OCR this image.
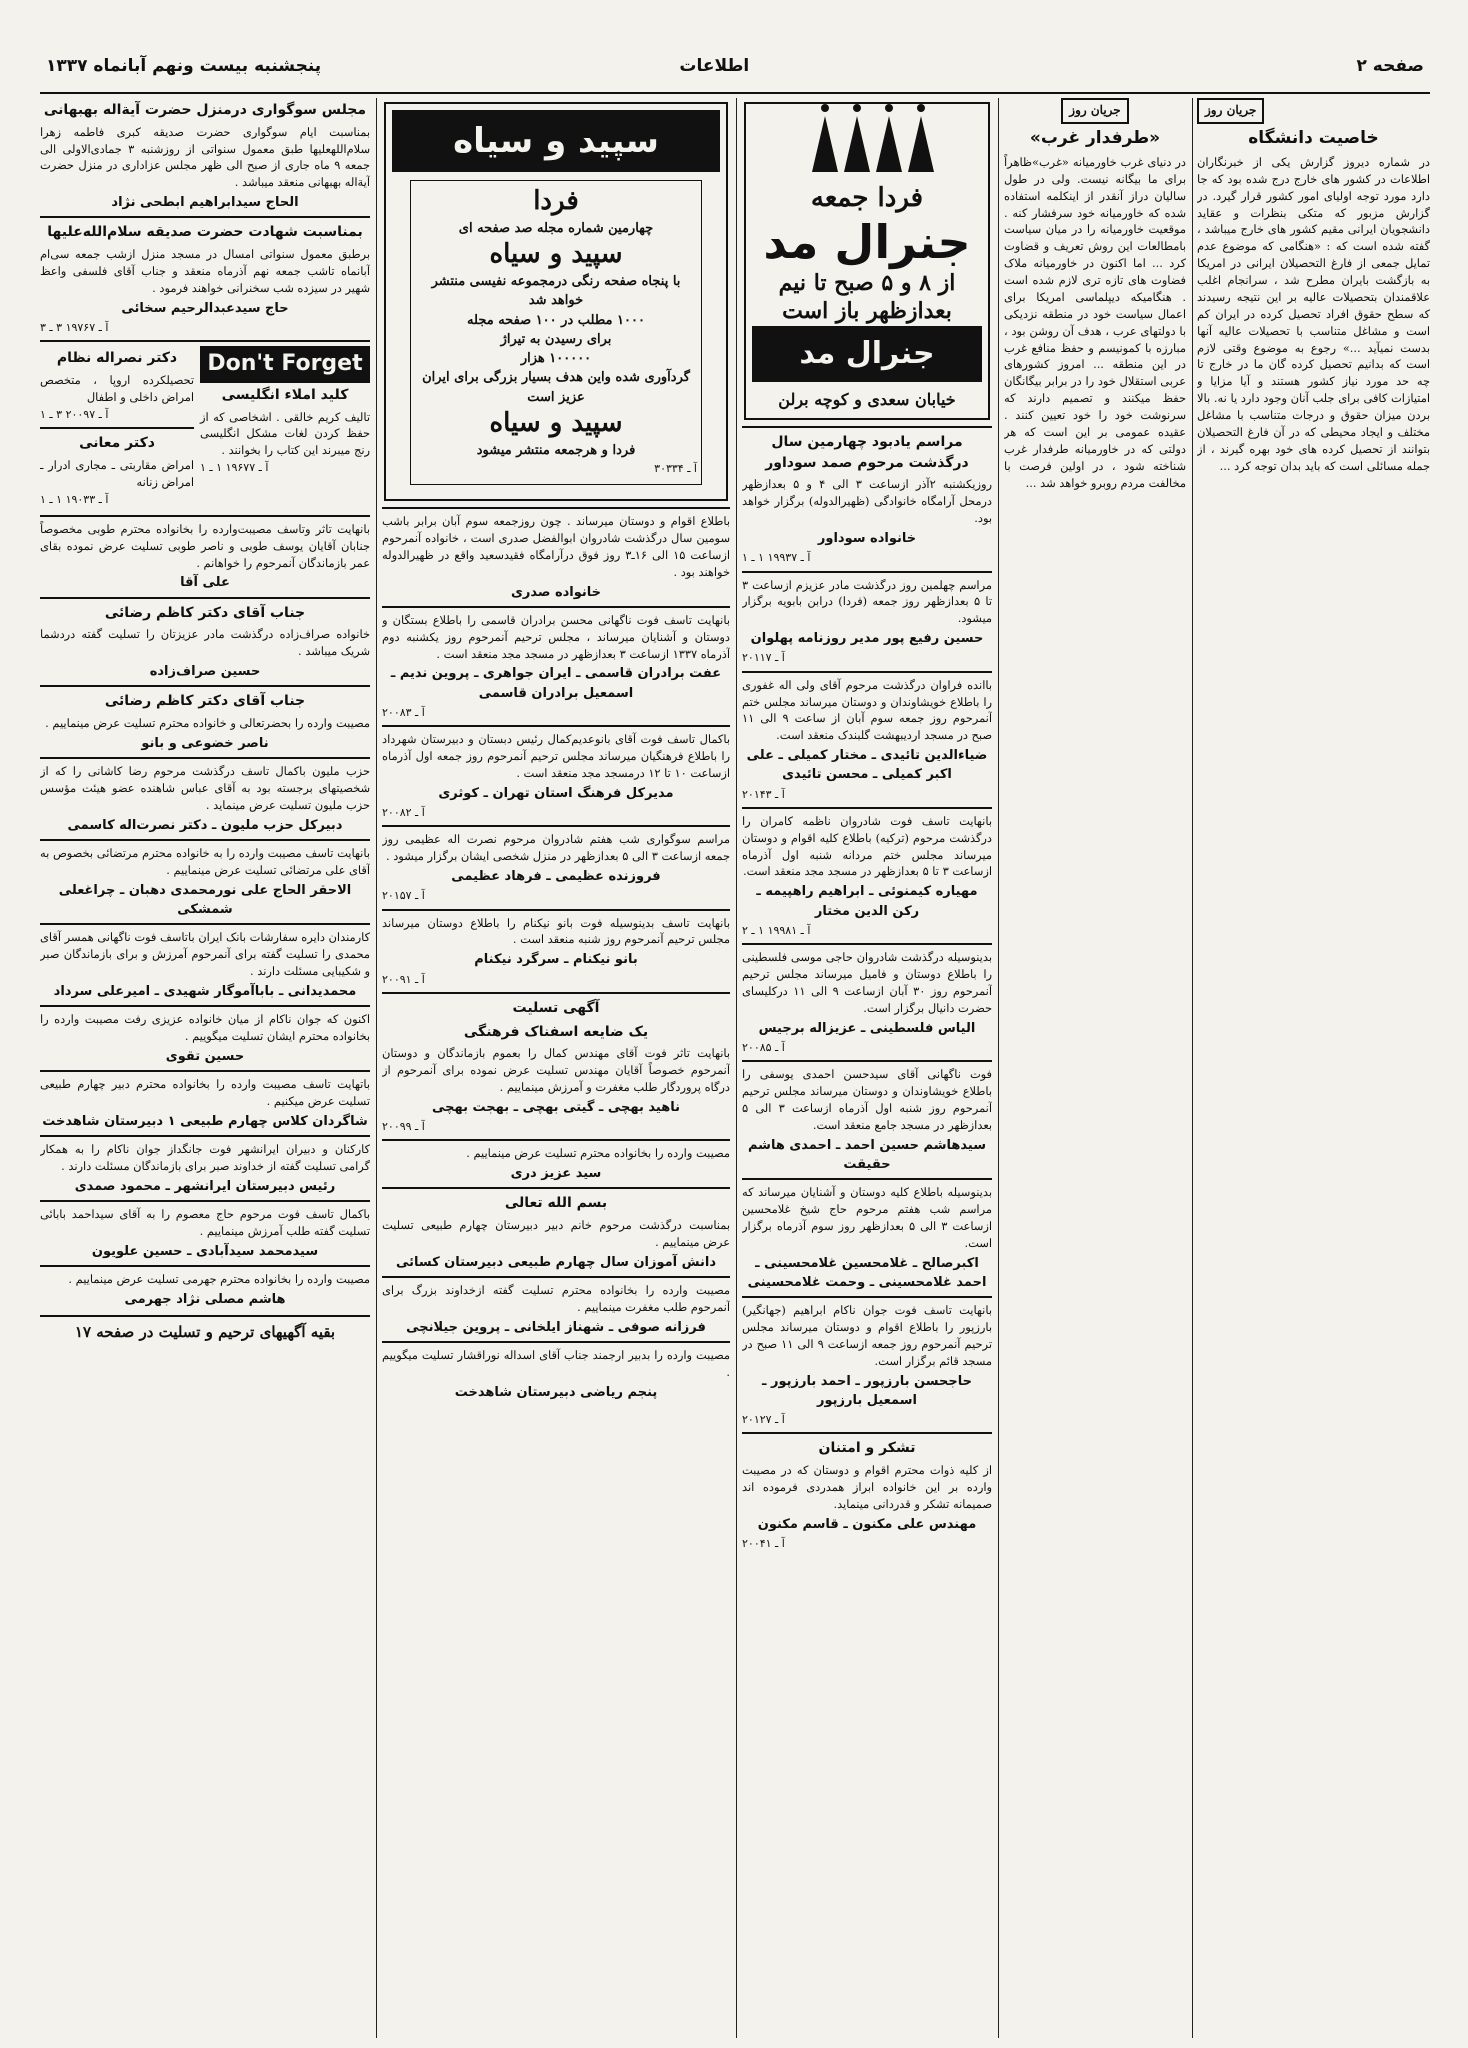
صفحه ۲
اطلاعات
پنجشنبه بیست ونهم آبانماه ۱۳۳۷
جریان روز
خاصیت دانشگاه
در شماره دیروز گزارش یکی از خبرنگاران اطلاعات در کشور های خارج درج شده بود که جا دارد مورد توجه اولیای امور کشور قرار گیرد. در گزارش مزبور که متکی بنظرات و عقاید دانشجویان ایرانی مقیم کشور های خارج میباشد ، گفته شده است که : «هنگامی که موضوع عدم تمایل جمعی از فارغ التحصیلان ایرانی در امریکا به بازگشت بایران مطرح شد ، سرانجام اغلب علاقمندان بتحصیلات عالیه بر این نتیجه رسیدند که سطح حقوق افراد تحصیل کرده در ایران کم است و مشاغل متناسب با تحصیلات عالیه آنها بدست نمیآید ...» رجوع به موضوع وقتی لازم است که بدانیم تحصیل کرده گان ما در خارج تا چه حد مورد نیاز کشور هستند و آیا مزایا و امتیازات کافی برای جلب آنان وجود دارد یا نه. بالا بردن میزان حقوق و درجات متناسب با مشاغل مختلف و ایجاد محیطی که در آن فارغ التحصیلان بتوانند از تحصیل کرده های خود بهره گیرند ، از جمله مسائلی است که باید بدان توجه کرد ...
جریان روز
«طرفدار غرب»
در دنیای غرب خاورمیانه «غرب»ظاهراً برای ما بیگانه نیست. ولی در طول سالیان دراز آنقدر از اینکلمه استفاده شده که خاورمیانه خود سرفشار کنه . موقعیت خاورمیانه را در میان سیاست بامطالعات این روش تعریف و قضاوت کرد ... اما اکنون در خاورمیانه ملاک فضاوت های تازه تری لازم شده است . هنگامیکه دیپلماسی امریکا برای اعمال سیاست خود در منطقه نزدیکی با دولتهای عرب ، هدف آن روشن بود ، مبارزه با کمونیسم و حفظ منافع غرب در این منطقه ... امروز کشورهای عربی استقلال خود را در برابر بیگانگان حفظ میکنند و تصمیم دارند که سرنوشت خود را خود تعیین کنند . عقیده عمومی بر این است که هر دولتی که در خاورمیانه طرفدار غرب شناخته شود ، در اولین فرصت با مخالفت مردم روبرو خواهد شد ...
فردا جمعه
جنرال مد
از ۸ و ۵ صبح تا نیم بعدازظهر باز است
جنرال مد
خیابان سعدی و کوچه برلن
مراسم یادبود چهارمین سال درگذشت مرحوم صمد سوداور
روزیکشنبه ۲آذر ازساعت ۳ الی ۴ و ۵ بعدازظهر درمحل آرامگاه خانوادگی (ظهیرالدوله) برگزار خواهد بود.
خانواده سوداور
آ ـ ۱۹۹۳۷ ۱ ـ ۱
مراسم چهلمین روز درگذشت مادر عزیزم ازساعت ۳ تا ۵ بعدازظهر روز جمعه (فردا) درابن بابویه برگزار میشود.
حسین رفیع پور مدیر روزنامه پهلوان
آ ـ ۲۰۱۱۷
باانده فراوان درگذشت مرحوم آقای ولی اله غفوری را باطلاع خویشاوندان و دوستان میرساند مجلس ختم آنمرحوم روز جمعه سوم آبان از ساعت ۹ الی ۱۱ صبح در مسجد اردیبهشت گلبندک منعقد است.
ضیاءالدین تائیدی ـ مختار کمیلی ـ علی اکبر کمیلی ـ محسن تائیدی
آ ـ ۲۰۱۴۳
بانهایت تاسف فوت شادروان ناظمه کامران را درگذشت مرحوم (ترکیه) باطلاع کلیه اقوام و دوستان میرساند مجلس ختم مردانه شنبه اول آذرماه ازساعت ۳ تا ۵ بعدازظهر در مسجد مجد منعقد است.
مهیاره کیمنوئی ـ ابراهیم راهپیمه ـ رکن الدین مختار
آ ـ ۱۹۹۸۱ ۱ ـ ۲
بدینوسیله درگذشت شادروان حاجی موسی فلسطینی را باطلاع دوستان و فامیل میرساند مجلس ترحیم آنمرحوم روز ۳۰ آبان ازساعت ۹ الی ۱۱ درکلیسای حضرت دانیال برگزار است.
الیاس فلسطینی ـ عزیزاله برجیس
آ ـ ۲۰۰۸۵
فوت ناگهانی آقای سیدحسن احمدی یوسفی را باطلاع خویشاوندان و دوستان میرساند مجلس ترحیم آنمرحوم روز شنبه اول آذرماه ازساعت ۳ الی ۵ بعدازظهر در مسجد جامع منعقد است.
سیدهاشم حسین احمد ـ احمدی هاشم حقیقت
بدینوسیله باطلاع کلیه دوستان و آشنایان میرساند که مراسم شب هفتم مرحوم حاج شیخ غلامحسین ازساعت ۳ الی ۵ بعدازظهر روز سوم آذرماه برگزار است.
اکبرصالح ـ غلامحسین غلامحسینی ـ احمد غلامحسینی ـ وحمت غلامحسینی
بانهایت تاسف فوت جوان ناکام ابراهیم (جهانگیر) بارزپور را باطلاع اقوام و دوستان میرساند مجلس ترحیم آنمرحوم روز جمعه ازساعت ۹ الی ۱۱ صبح در مسجد قائم برگزار است.
حاجحسن بارزپور ـ احمد بارزپور ـ اسمعیل بارزپور
آ ـ ۲۰۱۲۷
تشکر و امتنان
از کلیه ذوات محترم اقوام و دوستان که در مصیبت وارده بر این خانواده ابراز همدردی فرموده اند صمیمانه تشکر و قدردانی مینماید.
مهندس علی مکنون ـ قاسم مکنون
آ ـ ۲۰۰۴۱
سپید و سیاه
فردا
چهارمین شماره مجله صد صفحه ای
سپید و سیاه
با پنجاه صفحه رنگی درمجموعه نفیسی منتشر خواهد شد
۱۰۰۰ مطلب در ۱۰۰ صفحه مجله
برای رسیدن به تیراژ
۱۰۰۰۰۰ هزار
گردآوری شده واین هدف بسیار بزرگی برای ایران عزیز است
سپید و سیاه
فردا و هرجمعه منتشر میشود
آ ـ ۳۰۳۳۴
باطلاع اقوام و دوستان میرساند . چون روزجمعه سوم آبان برابر باشب سومین سال درگذشت شادروان ابوالفضل صدری است ، خانواده آنمرحوم ازساعت ۱۵ الی ۱۶ـ۳ روز فوق درآرامگاه فقیدسعید واقع در ظهیرالدوله خواهند بود .
خانواده صدری
بانهایت تاسف فوت ناگهانی محسن برادران قاسمی را باطلاع بستگان و دوستان و آشنایان میرساند ، مجلس ترحیم آنمرحوم روز یکشنبه دوم آذرماه ۱۳۳۷ ازساعت ۳ بعدازظهر در مسجد مجد منعقد است .
عفت برادران قاسمی ـ ایران جواهری ـ پروین ندیم ـ اسمعیل برادران قاسمی
آ ـ ۲۰۰۸۳
باکمال تاسف فوت آقای بانوعدیم‌کمال رئیس دبستان و دبیرستان شهرداد را باطلاع فرهنگیان میرساند مجلس ترحیم آنمرحوم روز جمعه اول آذرماه ازساعت ۱۰ تا ۱۲ درمسجد مجد منعقد است .
مدیرکل فرهنگ استان تهران ـ کوثری
آ ـ ۲۰۰۸۲
مراسم سوگواری شب هفتم شادروان مرحوم نصرت اله عظیمی روز جمعه ازساعت ۳ الی ۵ بعدازظهر در منزل شخصی ایشان برگزار میشود .
فروزنده عظیمی ـ فرهاد عظیمی
آ ـ ۲۰۱۵۷
بانهایت تاسف بدینوسیله فوت بانو نیکنام را باطلاع دوستان میرساند مجلس ترحیم آنمرحوم روز شنبه منعقد است .
بانو نیکنام ـ سرگرد نیکنام
آ ـ ۲۰۰۹۱
آگهی تسلیت
یک ضایعه اسفناک فرهنگی
بانهایت تاثر فوت آقای مهندس کمال را بعموم بازماندگان و دوستان آنمرحوم خصوصاً آقایان مهندس تسلیت عرض نموده برای آنمرحوم از درگاه پروردگار طلب مغفرت و آمرزش مینماییم .
ناهید بهچی ـ گیتی بهچی ـ بهجت بهچی
آ ـ ۲۰۰۹۹
مصیبت وارده را بخانواده محترم تسلیت عرض مینماییم .
سید عزیز دری
بسم الله تعالی
بمناسبت درگذشت مرحوم خانم دبیر دبیرستان چهارم طبیعی تسلیت عرض مینماییم .
دانش آموزان سال چهارم طبیعی دبیرستان کسائی
مصیبت وارده را بخانواده محترم تسلیت گفته ازخداوند بزرگ برای آنمرحوم طلب مغفرت مینماییم .
فرزانه صوفی ـ شهناز ایلخانی ـ پروین جیلانچی
مصیبت وارده را بدبیر ارجمند جناب آقای اسداله نوراقشار تسلیت میگوییم .
پنجم ریاضی دبیرستان شاهدخت
مجلس سوگواری درمنزل حضرت آیةاله بهبهانی
بمناسبت ایام سوگواری حضرت صدیقه کبری فاطمه زهرا سلام‌اللهعلیها طبق معمول سنواتی از روزشنبه ۳ جمادی‌الاولی الی جمعه ۹ ماه جاری از صبح الی ظهر مجلس عزاداری در منزل حضرت آیةاله بهبهانی منعقد میباشد .
الحاج سیدابراهیم ابطحی نژاد
بمناسبت شهادت حضرت صدیقه سلام‌الله‌علیها
برطبق معمول سنواتی امسال در مسجد منزل ازشب جمعه سی‌ام آبانماه تاشب جمعه نهم آذرماه منعقد و جناب آقای فلسفی واعظ شهیر در سیزده شب سخنرانی خواهند فرمود .
حاج سیدعبدالرحیم سخائی
آ ـ ۱۹۷۶۷ ۳ ـ ۳
Don't Forget
کلید املاء انگلیسی
تالیف کریم خالقی . اشخاصی که از حفظ کردن لغات مشکل انگلیسی رنج میبرند این کتاب را بخوانند .
آ ـ ۱۹۶۷۷ ۱ ـ ۱
دکتر نصراله نظام
تحصیلکرده اروپا ، متخصص امراض داخلی و اطفال
آ ـ ۲۰۰۹۷ ۳ ـ ۱
دکتر معانی
امراض مقاربتی ـ مجاری ادرار ـ امراض زنانه
آ ـ ۱۹۰۳۳ ۱ ـ ۱
بانهایت تاثر وتاسف مصیبت‌وارده را بخانواده محترم طوبی مخصوصاً جنابان آقایان یوسف طوبی و ناصر طوبی تسلیت عرض نموده بقای عمر بازماندگان آنمرحوم را خواهانم .
علی آقا
جناب آقای دکتر کاظم رضائی
خانواده صراف‌زاده درگذشت مادر عزیزتان را تسلیت گفته دردشما شریک میباشد .
حسین صراف‌زاده
جناب آقای دکتر کاظم رضائی
مصیبت وارده را بحضرتعالی و خانواده محترم تسلیت عرض مینماییم .
ناصر خضوعی و بانو
حزب ملیون باکمال تاسف درگذشت مرحوم رضا کاشانی را که از شخصیتهای برجسته بود به آقای عباس شاهنده عضو هیئت مؤسس حزب ملیون تسلیت عرض مینماید .
دبیرکل حزب ملیون ـ دکتر نصرت‌اله کاسمی
بانهایت تاسف مصیبت وارده را به خانواده محترم مرتضائی بخصوص به آقای علی مرتضائی تسلیت عرض مینماییم .
الاحقر الحاج علی نورمحمدی دهبان ـ چراغعلی شمشکی
کارمندان دایره سفارشات بانک ایران باتاسف فوت ناگهانی همسر آقای محمدی را تسلیت گفته برای آنمرحوم آمرزش و برای بازماندگان صبر و شکیبایی مسئلت دارند .
محمدیدانی ـ باباآموگار شهیدی ـ امیرعلی سرداد
اکنون که جوان ناکام از میان خانواده عزیزی رفت مصیبت وارده را بخانواده محترم ایشان تسلیت میگوییم .
حسین تقوی
باتهایت تاسف مصیبت وارده را بخانواده محترم دبیر چهارم طبیعی تسلیت عرض میکنیم .
شاگردان کلاس چهارم طبیعی ۱ دبیرستان شاهدخت
کارکنان و دبیران ایرانشهر فوت جانگداز جوان ناکام را به همکار گرامی تسلیت گفته از خداوند صبر برای بازماندگان مسئلت دارند .
رئیس دبیرستان ایرانشهر ـ محمود صمدی
باکمال تاسف فوت مرحوم حاج معصوم را به آقای سیداحمد بابائی تسلیت گفته طلب آمرزش مینماییم .
سیدمحمد سیدآبادی ـ حسین علویون
مصیبت وارده را بخانواده محترم جهرمی تسلیت عرض مینماییم .
هاشم مصلی نژاد جهرمی
بقیه آگهیهای ترحیم و تسلیت در صفحه ۱۷
